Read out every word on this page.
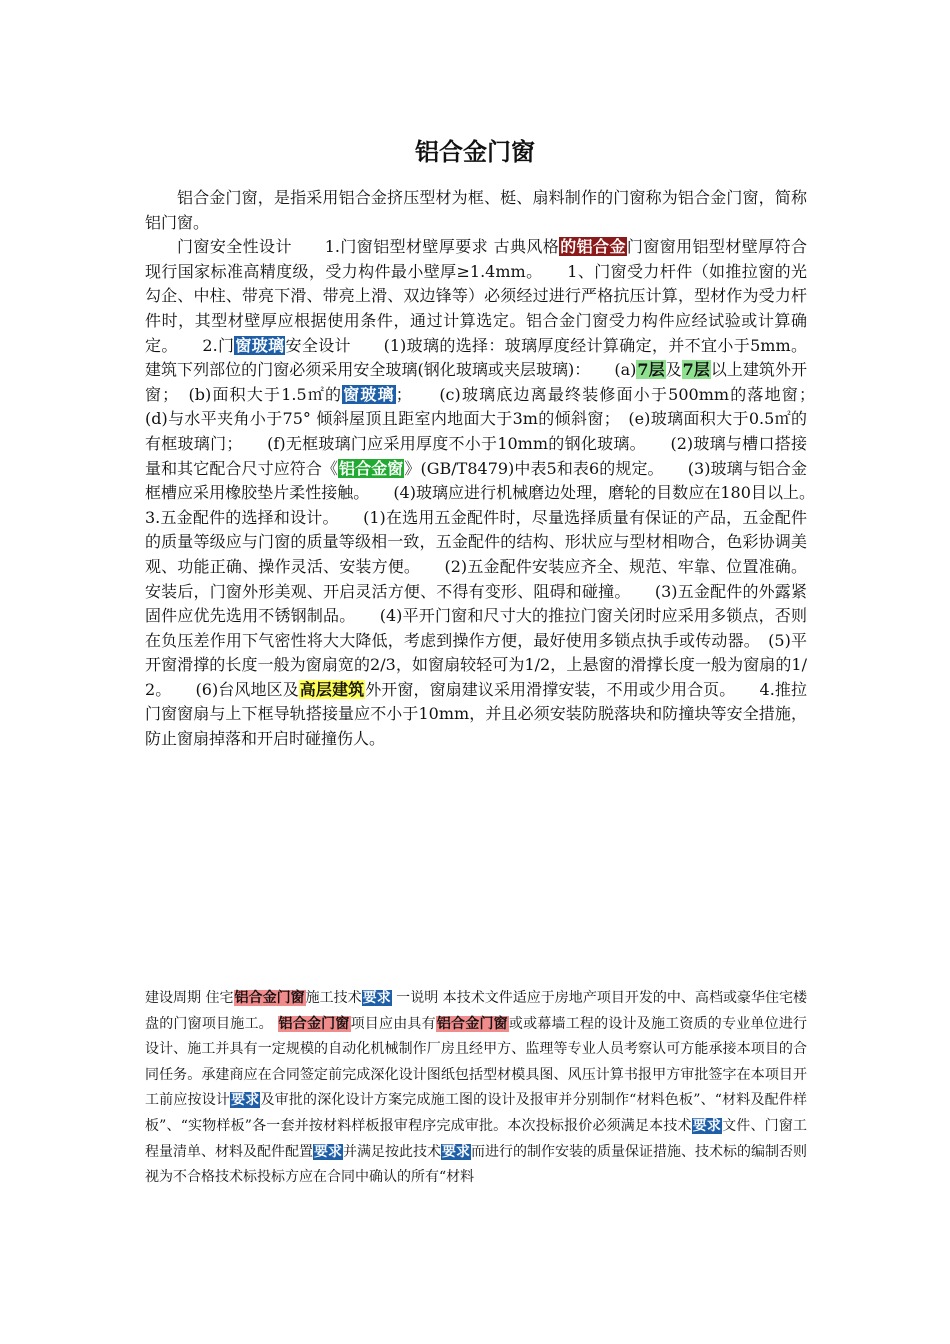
铝合金门窗

铝合金门窗，是指采用铝合金挤压型材为框、梃、扇料制作的门窗称为铝合金门窗，简称铝门窗。

门窗安全性设计　　1.门窗铝型材壁厚要求 古典风格的铝合金门窗窗用铝型材壁厚符合现行国家标准高精度级，受力构件最小壁厚≥1.4mm。　　1、门窗受力杆件（如推拉窗的光勾企、中柱、带亮下滑、带亮上滑、双边锋等）必须经过进行严格抗压计算，型材作为受力杆件时，其型材壁厚应根据使用条件，通过计算选定。铝合金门窗受力构件应经试验或计算确定。　　2.门窗玻璃安全设计　　(1)玻璃的选择：玻璃厚度经计算确定，并不宜小于5mm。建筑下列部位的门窗必须采用安全玻璃(钢化玻璃或夹层玻璃)：　　(a)7层及7层以上建筑外开窗；　(b)面积大于1.5㎡的窗玻璃；　　(c)玻璃底边离最终装修面小于500mm的落地窗；　　(d)与水平夹角小于75° 倾斜屋顶且距室内地面大于3m的倾斜窗；　(e)玻璃面积大于0.5㎡的有框玻璃门；　　(f)无框玻璃门应采用厚度不小于10mm的钢化玻璃。　　(2)玻璃与槽口搭接量和其它配合尺寸应符合《铝合金窗》(GB/T8479)中表5和表6的规定。　　(3)玻璃与铝合金框槽应采用橡胶垫片柔性接触。　　(4)玻璃应进行机械磨边处理，磨轮的目数应在180目以上。　3.五金配件的选择和设计。　　(1)在选用五金配件时，尽量选择质量有保证的产品，五金配件的质量等级应与门窗的质量等级相一致，五金配件的结构、形状应与型材相吻合，色彩协调美观、功能正确、操作灵活、安装方便。　　(2)五金配件安装应齐全、规范、牢靠、位置准确。安装后，门窗外形美观、开启灵活方便、不得有变形、阻碍和碰撞。　　(3)五金配件的外露紧固件应优先选用不锈钢制品。　　(4)平开门窗和尺寸大的推拉门窗关闭时应采用多锁点，否则在负压差作用下气密性将大大降低，考虑到操作方便，最好使用多锁点执手或传动器。　(5)平开窗滑撑的长度一般为窗扇宽的2/3，如窗扇较轻可为1/2，上悬窗的滑撑长度一般为窗扇的1/2。　　(6)台风地区及高层建筑外开窗，窗扇建议采用滑撑安装，不用或少用合页。　　4.推拉门窗窗扇与上下框导轨搭接量应不小于10mm，并且必须安装防脱落块和防撞块等安全措施，防止窗扇掉落和开启时碰撞伤人。

建设周期 住宅铝合金门窗施工技术要求 一说明 本技术文件适应于房地产项目开发的中、高档或豪华住宅楼盘的门窗项目施工。 铝合金门窗项目应由具有铝合金门窗或或幕墙工程的设计及施工资质的专业单位进行设计、施工并具有一定规模的自动化机械制作厂房且经甲方、监理等专业人员考察认可方能承接本项目的合同任务。承建商应在合同签定前完成深化设计图纸包括型材模具图、风压计算书报甲方审批签字在本项目开工前应按设计要求及审批的深化设计方案完成施工图的设计及报审并分别制作“材料色板”、“材料及配件样板”、“实物样板”各一套并按材料样板报审程序完成审批。本次投标报价必须满足本技术要求文件、门窗工程量清单、材料及配件配置要求并满足按此技术要求而进行的制作安装的质量保证措施、技术标的编制否则视为不合格技术标投标方应在合同中确认的所有“材料
